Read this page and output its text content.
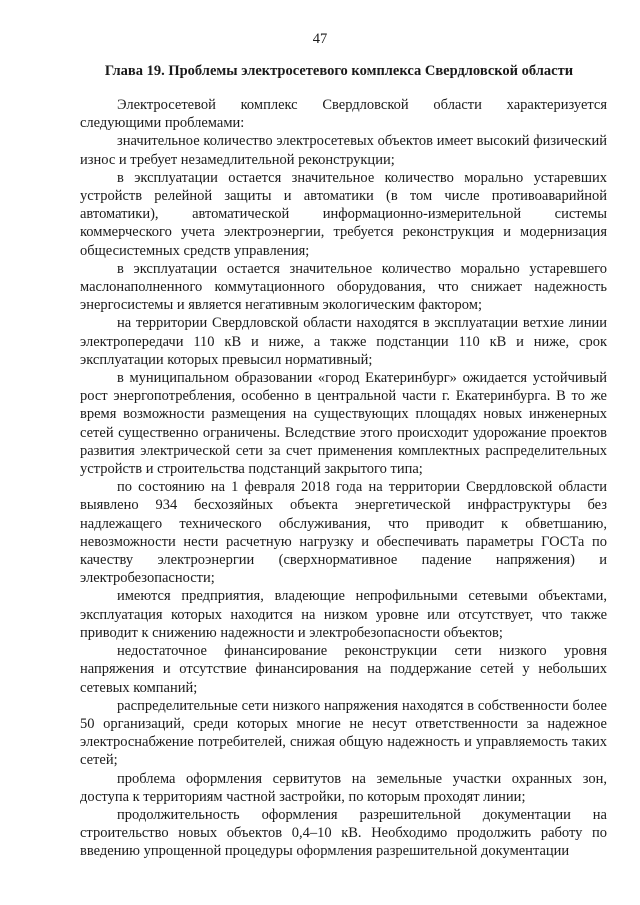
47
Глава 19. Проблемы электросетевого комплекса Свердловской области

Электросетевой комплекс Свердловской области характеризуется следующими проблемами:

значительное количество электросетевых объектов имеет высокий физический износ и требует незамедлительной реконструкции;

в эксплуатации остается значительное количество морально устаревших устройств релейной защиты и автоматики (в том числе противоаварийной автоматики), автоматической информационно-измерительной системы коммерческого учета электроэнергии, требуется реконструкция и модернизация общесистемных средств управления;

в эксплуатации остается значительное количество морально устаревшего маслонаполненного коммутационного оборудования, что снижает надежность энергосистемы и является негативным экологическим фактором;

на территории Свердловской области находятся в эксплуатации ветхие линии электропередачи 110 кВ и ниже, а также подстанции 110 кВ и ниже, срок эксплуатации которых превысил нормативный;

в муниципальном образовании «город Екатеринбург» ожидается устойчивый рост энергопотребления, особенно в центральной части г. Екатеринбурга. В то же время возможности размещения на существующих площадях новых инженерных сетей существенно ограничены. Вследствие этого происходит удорожание проектов развития электрической сети за счет применения комплектных распределительных устройств и строительства подстанций закрытого типа;

по состоянию на 1 февраля 2018 года на территории Свердловской области выявлено 934 бесхозяйных объекта энергетической инфраструктуры без надлежащего технического обслуживания, что приводит к обветшанию, невозможности нести расчетную нагрузку и обеспечивать параметры ГОСТа по качеству электроэнергии (сверхнормативное падение напряжения) и электробезопасности;

имеются предприятия, владеющие непрофильными сетевыми объектами, эксплуатация которых находится на низком уровне или отсутствует, что также приводит к снижению надежности и электробезопасности объектов;

недостаточное финансирование реконструкции сети низкого уровня напряжения и отсутствие финансирования на поддержание сетей у небольших сетевых компаний;

распределительные сети низкого напряжения находятся в собственности более 50 организаций, среди которых многие не несут ответственности за надежное электроснабжение потребителей, снижая общую надежность и управляемость таких сетей;

проблема оформления сервитутов на земельные участки охранных зон, доступа к территориям частной застройки, по которым проходят линии;

продолжительность оформления разрешительной документации на строительство новых объектов 0,4–10 кВ. Необходимо продолжить работу по введению упрощенной процедуры оформления разрешительной документации
